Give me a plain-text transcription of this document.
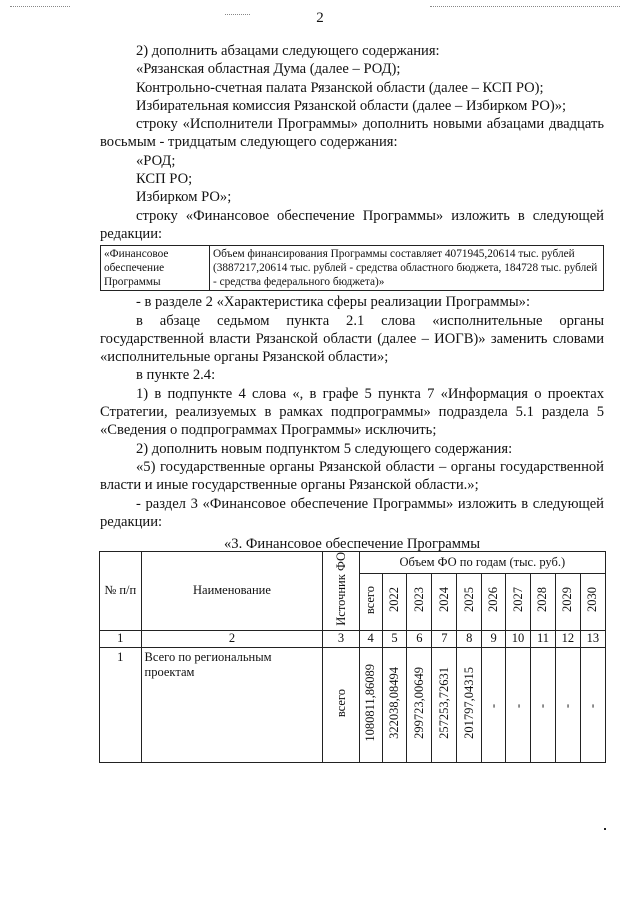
2

2) дополнить абзацами следующего содержания:

«Рязанская областная Дума (далее – РОД);

Контрольно-счетная палата Рязанской области (далее – КСП РО);

Избирательная комиссия Рязанской области (далее – Избирком РО)»;

строку «Исполнители Программы» дополнить новыми абзацами двадцать восьмым - тридцатым следующего содержания:

«РОД;

КСП РО;

Избирком РО»;

строку «Финансовое обеспечение Программы» изложить в следующей редакции:

«Финансовое обеспечение Программы	Объем финансирования Программы составляет 4071945,20614 тыс. рублей (3887217,20614 тыс. рублей - средства областного бюджета, 184728 тыс. рублей - средства федерального бюджета)»

- в разделе 2 «Характеристика сферы реализации Программы»:

в абзаце седьмом пункта 2.1 слова «исполнительные органы государственной власти Рязанской области (далее – ИОГВ)» заменить словами «исполнительные органы Рязанской области»;

в пункте 2.4:

1) в подпункте 4 слова «, в графе 5 пункта 7 «Информация о проектах Стратегии, реализуемых в рамках подпрограммы» подраздела 5.1 раздела 5 «Сведения о подпрограммах Программы» исключить;

2) дополнить новым подпунктом 5 следующего содержания:

«5) государственные органы Рязанской области – органы государственной власти и иные государственные органы Рязанской области.»;

- раздел 3 «Финансовое обеспечение Программы» изложить в следующей редакции:

«3. Финансовое обеспечение Программы

№ п/п	Наименование	Источник ФО	Объем ФО по годам (тыс. руб.)									
			всего	2022	2023	2024	2025	2026	2027	2028	2029	2030
1	2	3	4	5	6	7	8	9	10	11	12	13
1	Всего по региональным проектам	всего	1080811,86089	322038,08494	299723,00649	257253,72631	201797,04315	-	-	-	-	-
